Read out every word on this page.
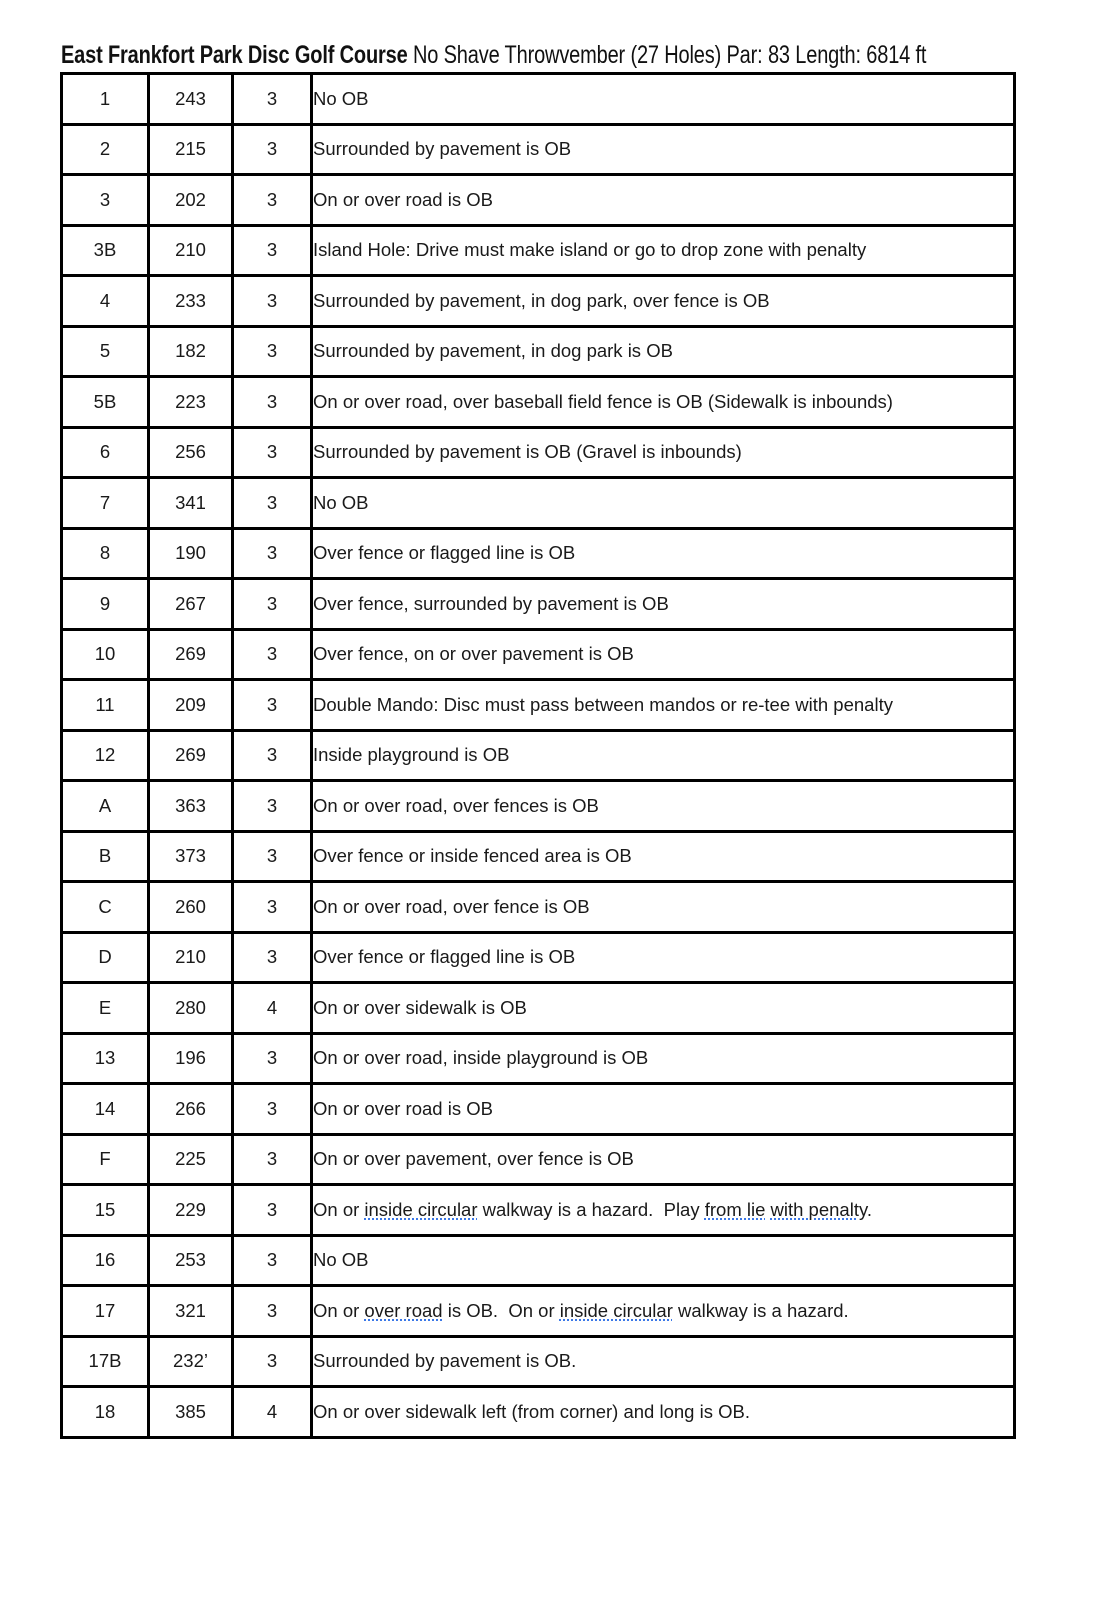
East Frankfort Park Disc Golf Course No Shave Throwvember (27 Holes) Par: 83 Length: 6814 ft
1	243	3	No OB
2	215	3	Surrounded by pavement is OB
3	202	3	On or over road is OB
3B	210	3	Island Hole: Drive must make island or go to drop zone with penalty
4	233	3	Surrounded by pavement, in dog park, over fence is OB
5	182	3	Surrounded by pavement, in dog park is OB
5B	223	3	On or over road, over baseball field fence is OB (Sidewalk is inbounds)
6	256	3	Surrounded by pavement is OB (Gravel is inbounds)
7	341	3	No OB
8	190	3	Over fence or flagged line is OB
9	267	3	Over fence, surrounded by pavement is OB
10	269	3	Over fence, on or over pavement is OB
11	209	3	Double Mando: Disc must pass between mandos or re-tee with penalty
12	269	3	Inside playground is OB
A	363	3	On or over road, over fences is OB
B	373	3	Over fence or inside fenced area is OB
C	260	3	On or over road, over fence is OB
D	210	3	Over fence or flagged line is OB
E	280	4	On or over sidewalk is OB
13	196	3	On or over road, inside playground is OB
14	266	3	On or over road is OB
F	225	3	On or over pavement, over fence is OB
15	229	3	On or inside circular walkway is a hazard.  Play from lie with penalty.

16	253	3	No OB
17	321	3	On or over road is OB.  On or inside circular walkway is a hazard.

17B	232’	3	Surrounded by pavement is OB.
18	385	4	On or over sidewalk left (from corner) and long is OB.
